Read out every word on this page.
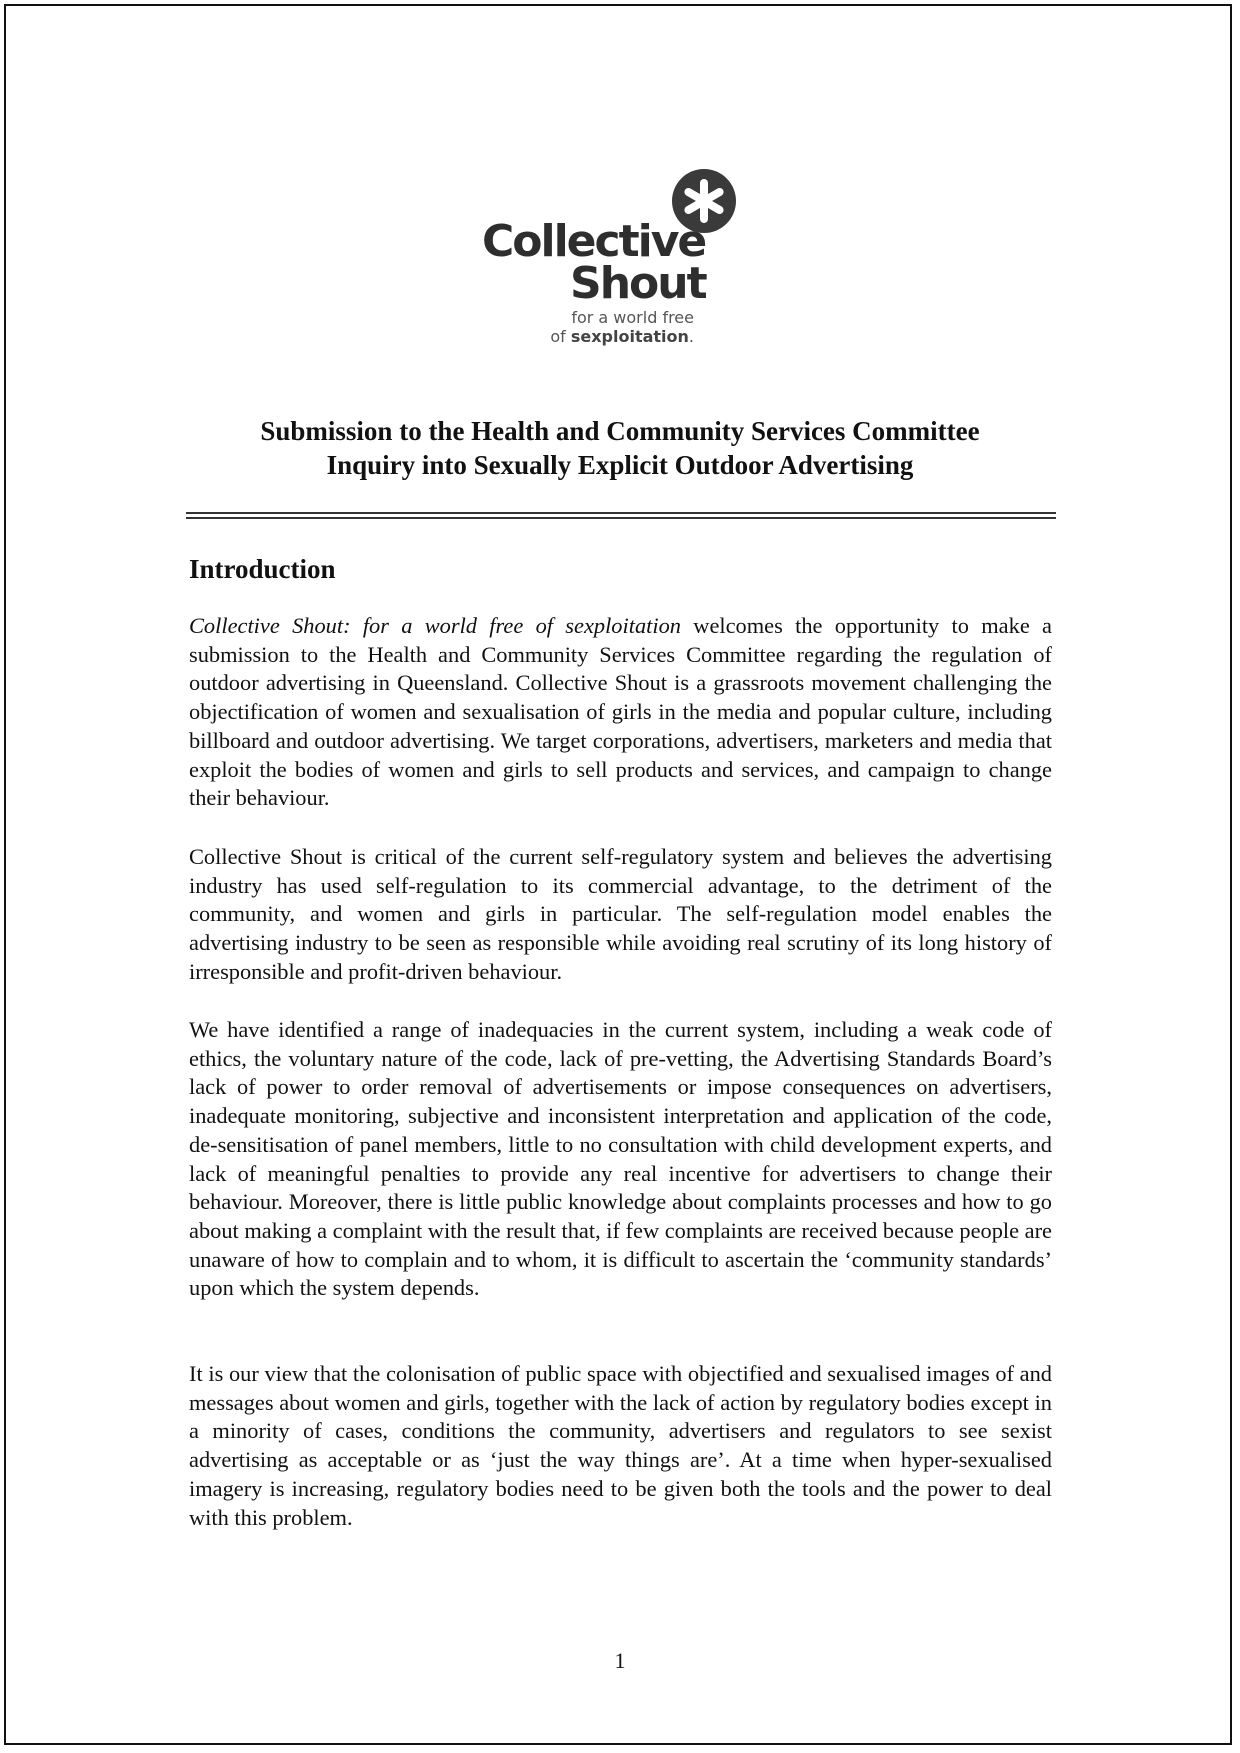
Collective
Shout
for a world free
of sexploitation.
Submission to the Health and Community Services Committee
Inquiry into Sexually Explicit Outdoor Advertising
Introduction

Collective Shout: for a world free of sexploitation welcomes the opportunity to make a submission to the Health and Community Services Committee regarding the regulation of outdoor advertising in Queensland. Collective Shout is a grassroots movement challenging the objectification of women and sexualisation of girls in the media and popular culture, including billboard and outdoor advertising. We target corporations, advertisers, marketers and media that exploit the bodies of women and girls to sell products and services, and campaign to change their behaviour.

Collective Shout is critical of the current self-regulatory system and believes the advertising industry has used self-regulation to its commercial advantage, to the detriment of the community, and women and girls in particular. The self-regulation model enables the advertising industry to be seen as responsible while avoiding real scrutiny of its long history of irresponsible and profit-driven behaviour.

We have identified a range of inadequacies in the current system, including a weak code of ethics, the voluntary nature of the code, lack of pre-vetting, the Advertising Standards Board’s lack of power to order removal of advertisements or impose consequences on advertisers, inadequate monitoring, subjective and inconsistent interpretation and application of the code, de-sensitisation of panel members, little to no consultation with child development experts, and lack of meaningful penalties to provide any real incentive for advertisers to change their behaviour. Moreover, there is little public knowledge about complaints processes and how to go about making a complaint with the result that, if few complaints are received because people are unaware of how to complain and to whom, it is difficult to ascertain the ‘community standards’ upon which the system depends.

It is our view that the colonisation of public space with objectified and sexualised images of and messages about women and girls, together with the lack of action by regulatory bodies except in a minority of cases, conditions the community, advertisers and regulators to see sexist advertising as acceptable or as ‘just the way things are’. At a time when hyper-sexualised imagery is increasing, regulatory bodies need to be given both the tools and the power to deal with this problem.

1
